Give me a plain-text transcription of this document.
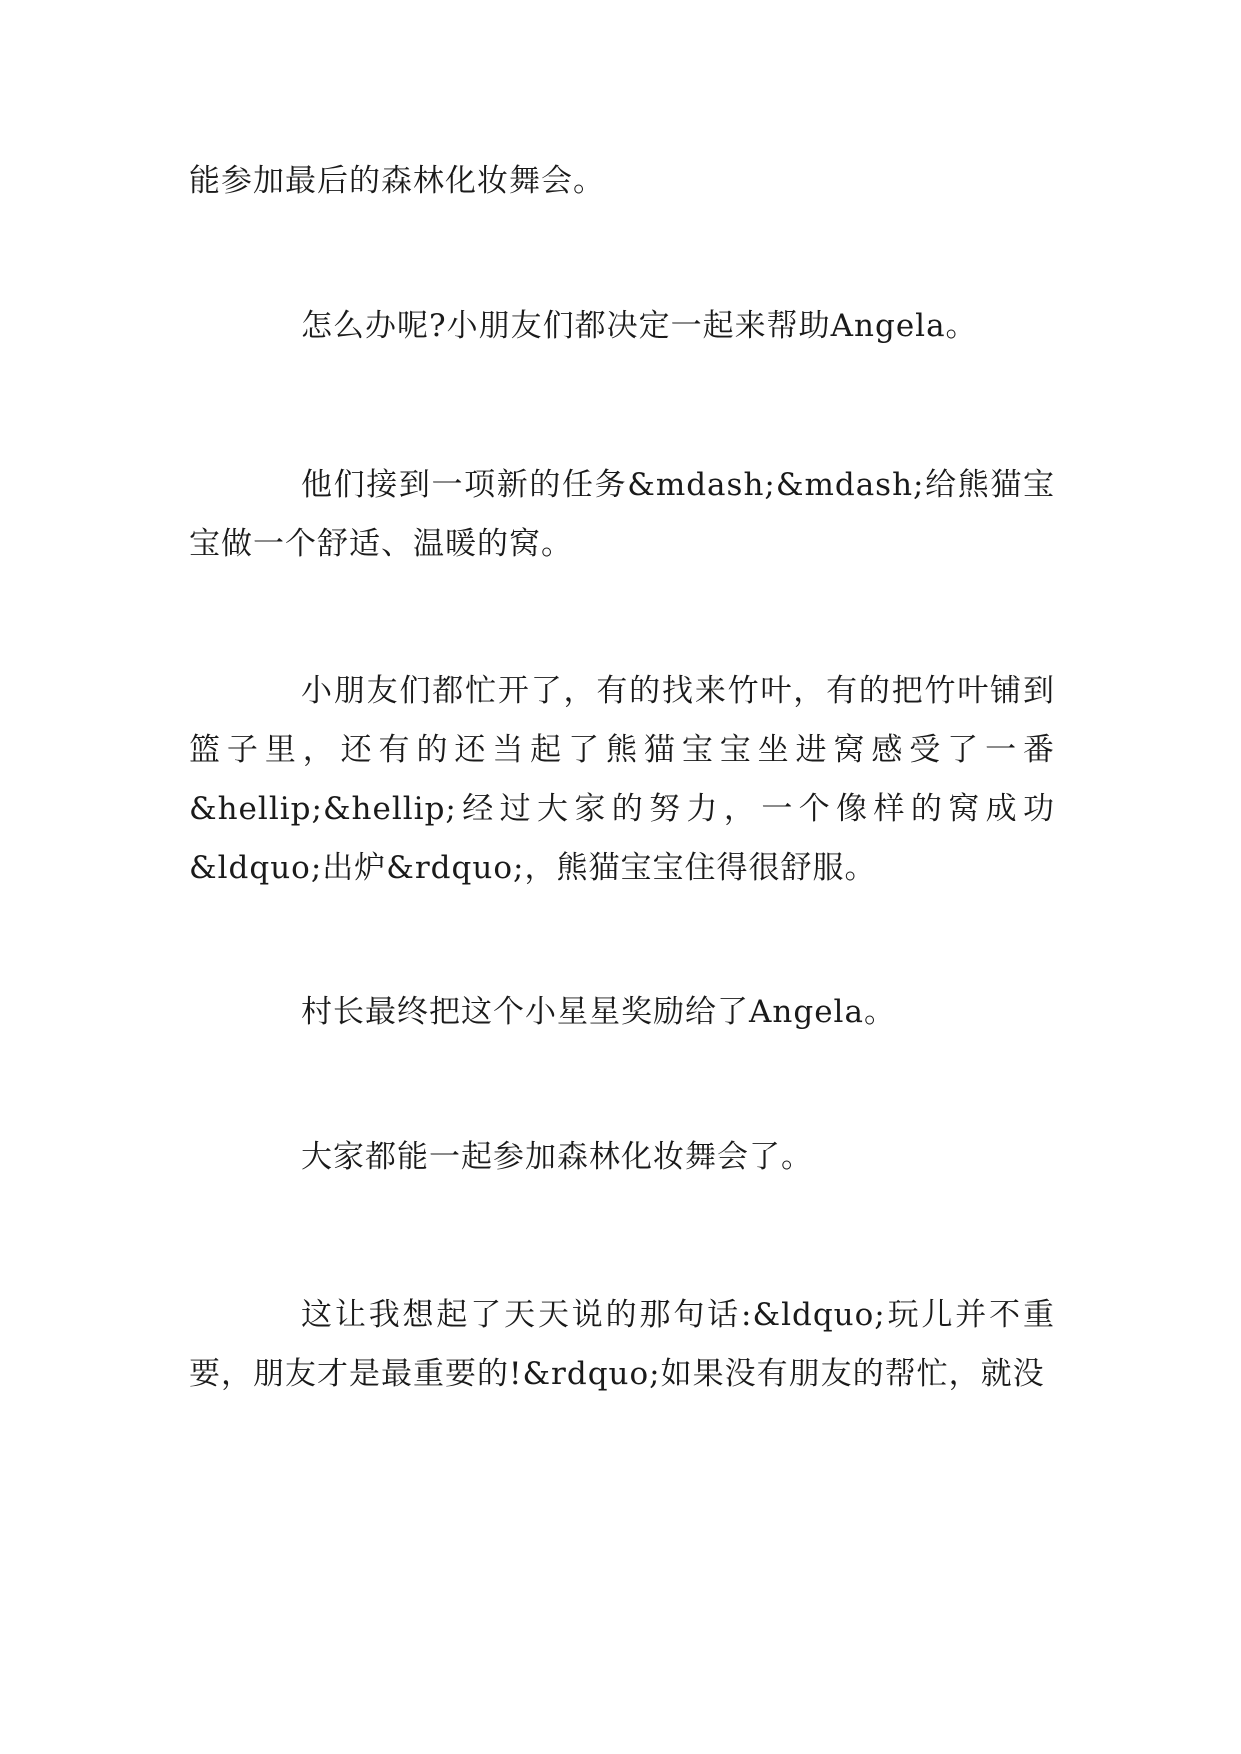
能参加最后的森林化妆舞会。

怎么办呢?小朋友们都决定一起来帮助Angela。

他们接到一项新的任务&mdash;&mdash;给熊猫宝宝做一个舒适、温暖的窝。

小朋友们都忙开了，有的找来竹叶，有的把竹叶铺到篮子里，还有的还当起了熊猫宝宝坐进窝感受了一番&hellip;&hellip;经过大家的努力，一个像样的窝成功&ldquo;出炉&rdquo;，熊猫宝宝住得很舒服。

村长最终把这个小星星奖励给了Angela。

大家都能一起参加森林化妆舞会了。

这让我想起了天天说的那句话:&ldquo;玩儿并不重要，朋友才是最重要的!&rdquo;如果没有朋友的帮忙，就没
